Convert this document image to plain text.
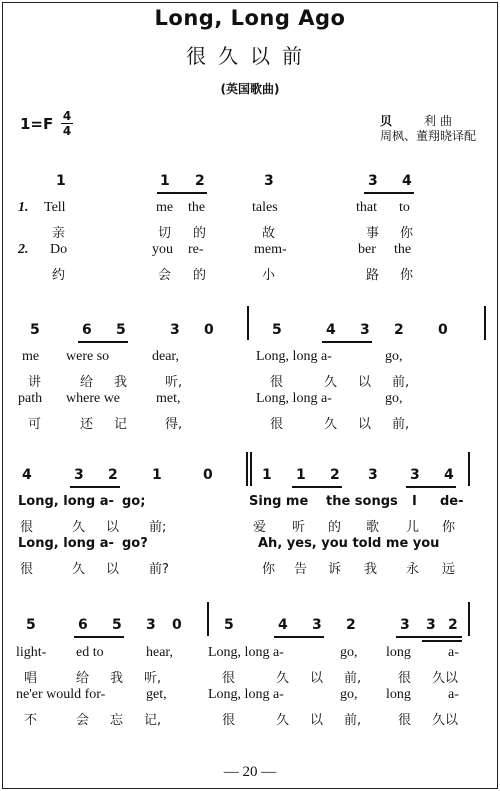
Long, Long Ago
很久以前
(英国歌曲)
1=F 4
4
贝 利曲
周枫、董翔晓译配
1	1 2	3	3 4
1. Tell	me the	tales	that to
亲	切 的	故	事 你
2. Do	you re-	mem-	ber the
约	会 的	小	路 你
5	6 5	3 0	5	4 3 2 0
me were so	dear,	Long, long a-	go,
讲	给 我	听,	很	久 以 前,
path where we	met,	Long, long a-	go,
可	还 记	得,	很	久 以 前,
4	3 2 1	0	1 1 2 3 3 4
Long, long a- go;	Sing me the songs I de-
很	久 以 前;	爱 听 的 歌 儿 你
Long, long a- go?	Ah, yes, you told me you
很	久 以 前?	你 告 诉 我 永 远
5	6 5 3 0	5	4 3 2	3 3 2
light- ed to	hear, Long, long a-	go, long	a-
唱	给 我 听,	很	久 以 前,	很 久以
ne'er would for-	get,	Long, long a-	go, long	a-
不	会 忘 记,	很	久 以 前,	很 久以
— 20 —
